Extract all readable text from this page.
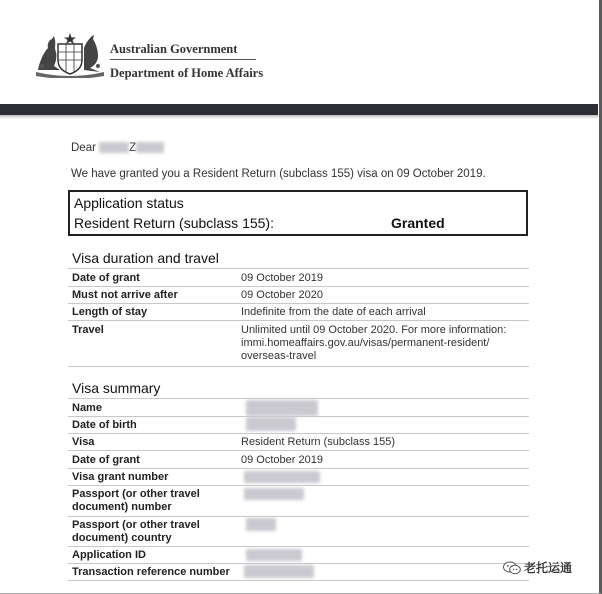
Australian Government
Department of Home Affairs
Dear	Z
We have granted you a Resident Return (subclass 155) visa on 09 October 2019.
Application status
Resident Return (subclass 155):	Granted
Visa duration and travel
Date of grant	09 October 2019
Must not arrive after	09 October 2020
Length of stay	Indefinite from the date of each arrival
Travel	Unlimited until 09 October 2020. For more information:
immi.homeaffairs.gov.au/visas/permanent-resident/
overseas-travel
Visa summary
Name
Date of birth
Visa	Resident Return (subclass 155)
Date of grant	09 October 2019
Visa grant number
Passport (or other travel
document) number
Passport (or other travel
document) country
Application ID
Transaction reference number	老托运通
